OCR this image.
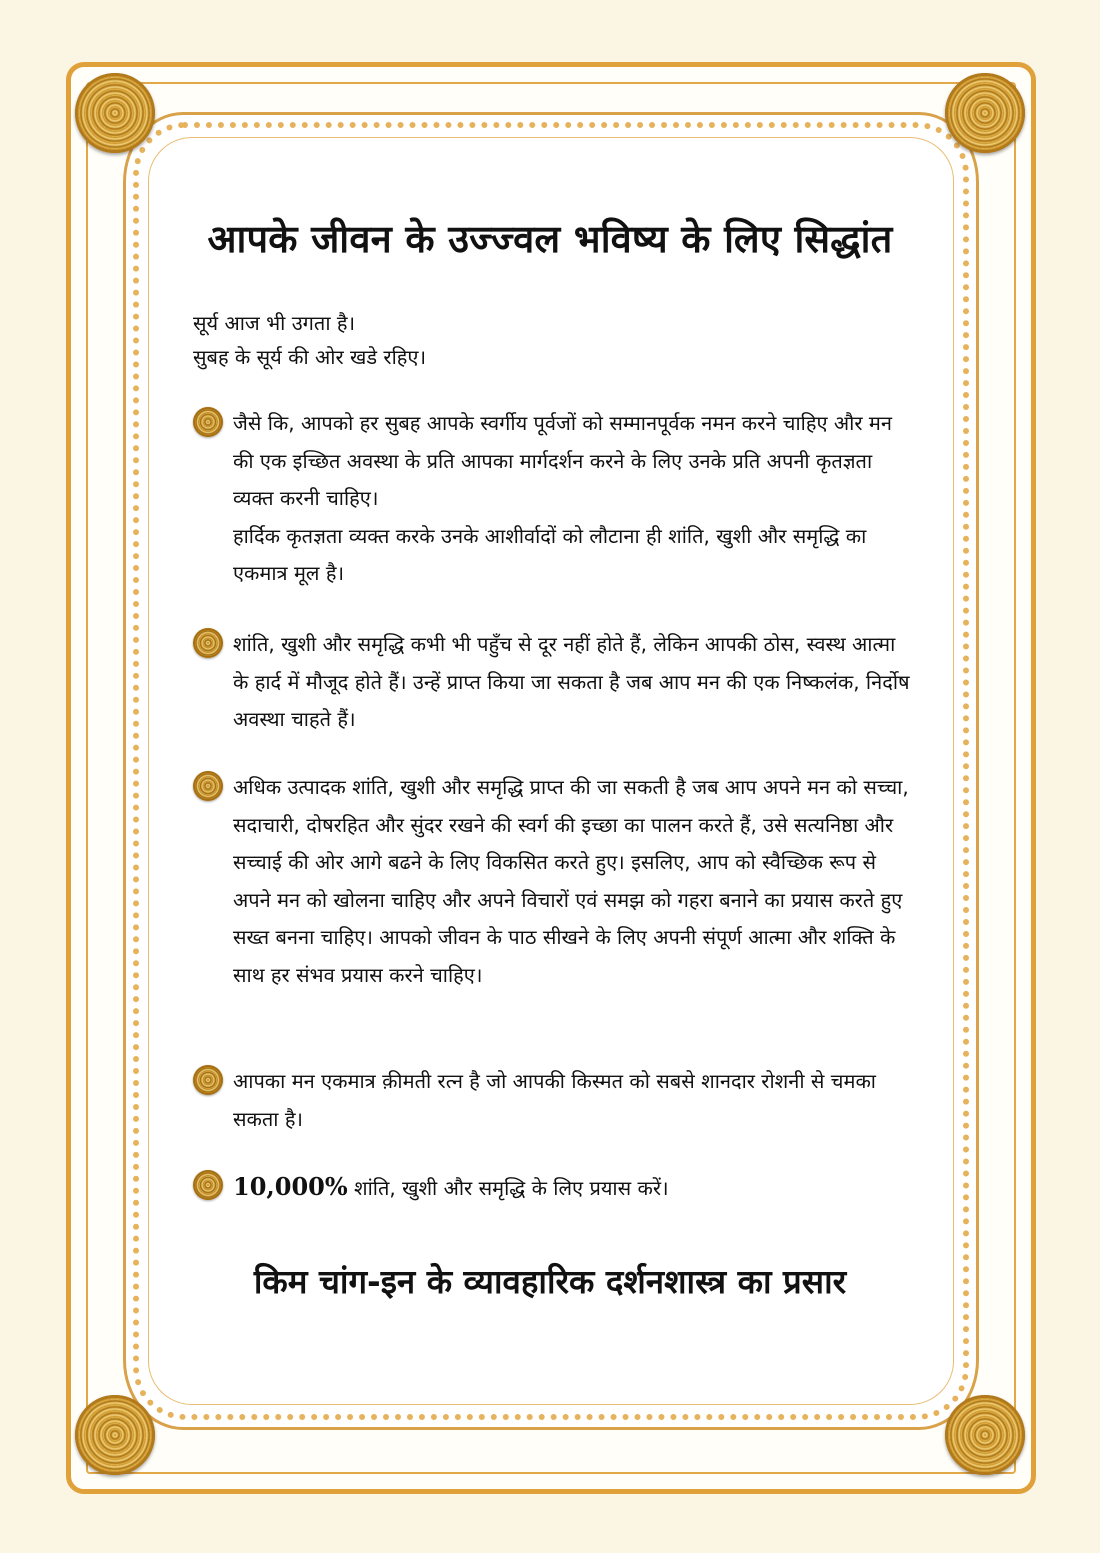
आपके जीवन के उज्ज्वल भविष्य के लिए सिद्धांत
सूर्य आज भी उगता है।
सुबह के सूर्य की ओर खडे रहिए।
जैसे कि, आपको हर सुबह आपके स्वर्गीय पूर्वजों को सम्मानपूर्वक नमन करने चाहिए और मन की एक इच्छित अवस्था के प्रति आपका मार्गदर्शन करने के लिए उनके प्रति अपनी कृतज्ञता व्यक्त करनी चाहिए।
हार्दिक कृतज्ञता व्यक्त करके उनके आशीर्वादों को लौटाना ही शांति, खुशी और समृद्धि का एकमात्र मूल है।
शांति, खुशी और समृद्धि कभी भी पहुँच से दूर नहीं होते हैं, लेकिन आपकी ठोस, स्वस्थ आत्मा के हार्द में मौजूद होते हैं। उन्हें प्राप्त किया जा सकता है जब आप मन की एक निष्कलंक, निर्दोष अवस्था चाहते हैं।
अधिक उत्पादक शांति, खुशी और समृद्धि प्राप्त की जा सकती है जब आप अपने मन को सच्चा, सदाचारी, दोषरहित और सुंदर रखने की स्वर्ग की इच्छा का पालन करते हैं, उसे सत्यनिष्ठा और सच्चाई की ओर आगे बढने के लिए विकसित करते हुए। इसलिए, आप को स्वैच्छिक रूप से अपने मन को खोलना चाहिए और अपने विचारों एवं समझ को गहरा बनाने का प्रयास करते हुए सख्त बनना चाहिए। आपको जीवन के पाठ सीखने के लिए अपनी संपूर्ण आत्मा और शक्ति के साथ हर संभव प्रयास करने चाहिए।
आपका मन एकमात्र क़ीमती रत्न है जो आपकी किस्मत को सबसे शानदार रोशनी से चमका सकता है।
10,000% शांति, खुशी और समृद्धि के लिए प्रयास करें।
किम चांग-इन के व्यावहारिक दर्शनशास्त्र का प्रसार
